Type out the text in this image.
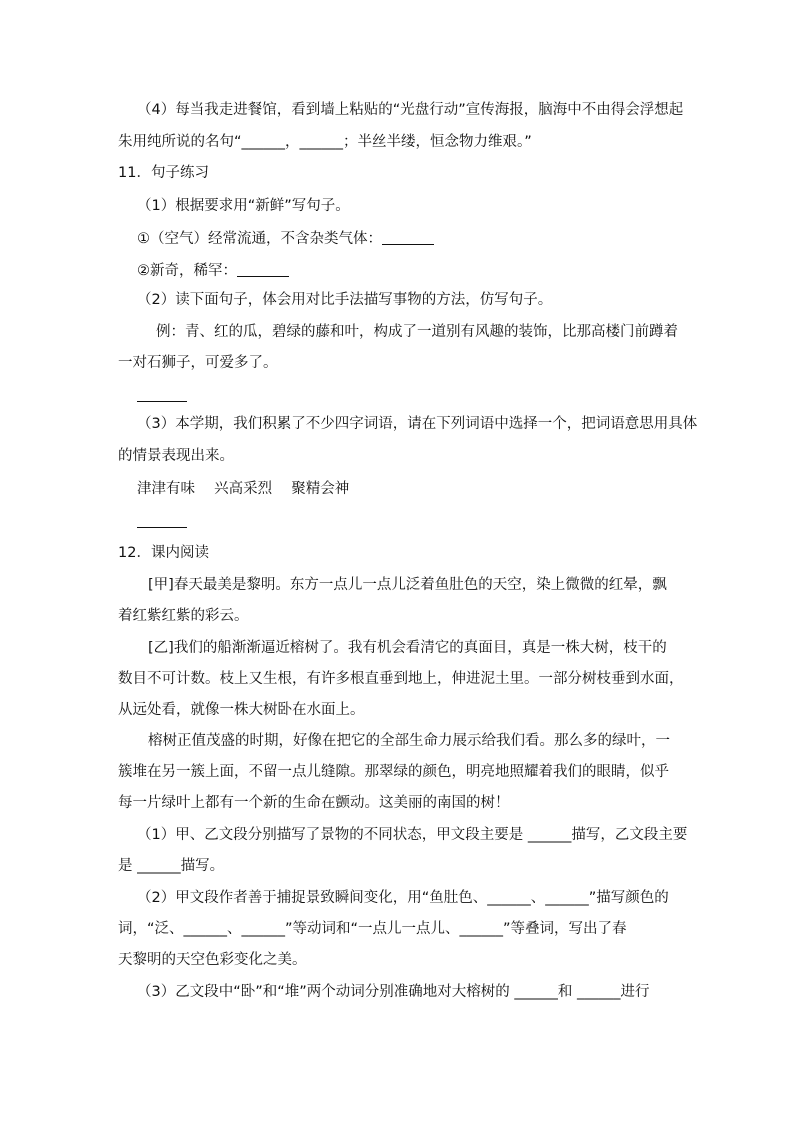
（4）每当我走进餐馆，看到墙上粘贴的“光盘行动”宣传海报，脑海中不由得会浮想起
朱用纯所说的名句“______，______；半丝半缕，恒念物力维艰。”
11．句子练习
（1）根据要求用“新鲜”写句子。
①（空气）经常流通，不含杂类气体：
②新奇，稀罕：
（2）读下面句子，体会用对比手法描写事物的方法，仿写句子。
例：青、红的瓜，碧绿的藤和叶，构成了一道别有风趣的装饰，比那高楼门前蹲着
一对石狮子，可爱多了。
（3）本学期，我们积累了不少四字词语，请在下列词语中选择一个，把词语意思用具体
的情景表现出来。
津津有味　 兴高采烈　 聚精会神
12．课内阅读
[甲]春天最美是黎明。东方一点儿一点儿泛着鱼肚色的天空，染上微微的红晕，飘
着红紫红紫的彩云。
[乙]我们的船渐渐逼近榕树了。我有机会看清它的真面目，真是一株大树，枝干的
数目不可计数。枝上又生根，有许多根直垂到地上，伸进泥土里。一部分树枝垂到水面，
从远处看，就像一株大树卧在水面上。
榕树正值茂盛的时期，好像在把它的全部生命力展示给我们看。那么多的绿叶，一
簇堆在另一簇上面，不留一点儿缝隙。那翠绿的颜色，明亮地照耀着我们的眼睛，似乎
每一片绿叶上都有一个新的生命在颤动。这美丽的南国的树！
（1）甲、乙文段分别描写了景物的不同状态，甲文段主要是 ______描写，乙文段主要
是 ______描写。
（2）甲文段作者善于捕捉景致瞬间变化，用“鱼肚色、______、______”描写颜色的
词，“泛、______、______”等动词和“一点儿一点儿、______”等叠词，写出了春
天黎明的天空色彩变化之美。
（3）乙文段中“卧”和“堆”两个动词分别准确地对大榕树的 ______和 ______进行
